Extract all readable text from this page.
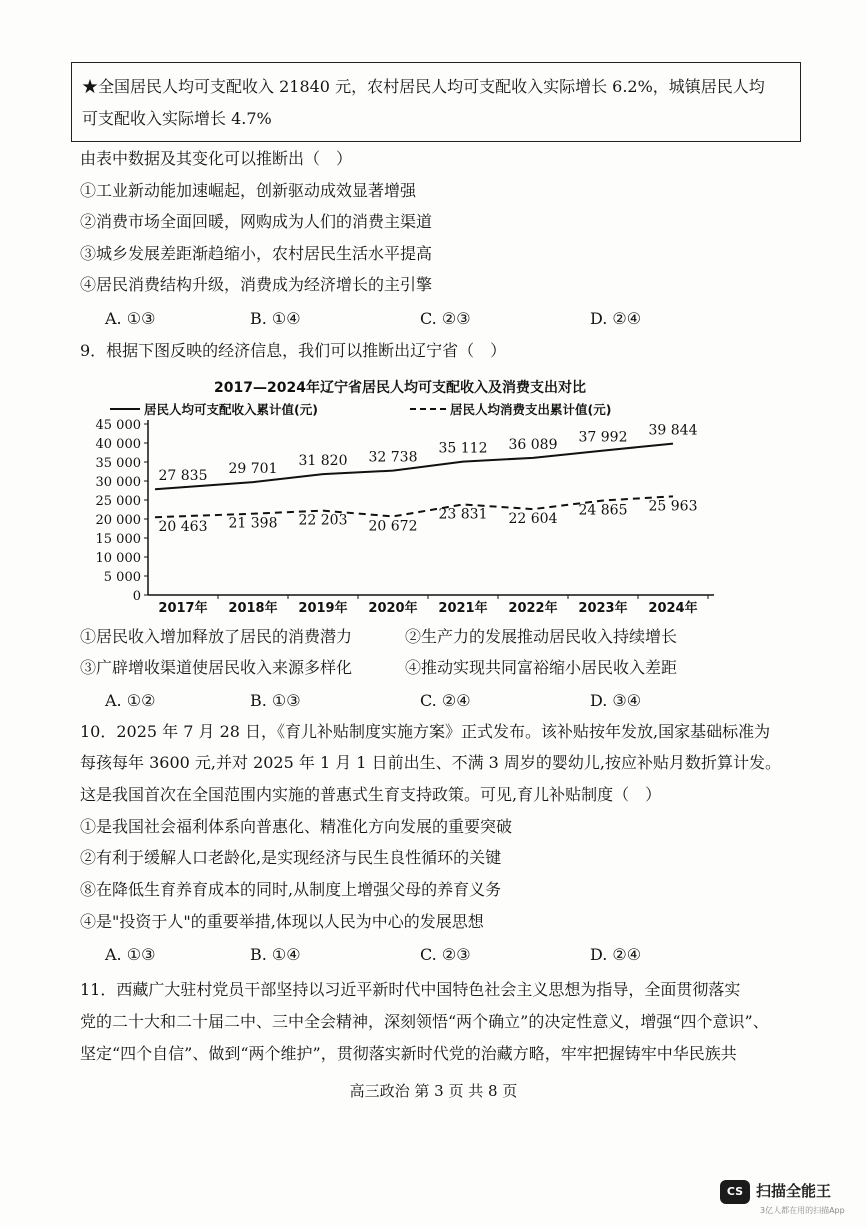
★全国居民人均可支配收入 21840 元，农村居民人均可支配收入实际增长 6.2%，城镇居民人均
可支配收入实际增长 4.7%
由表中数据及其变化可以推断出（　）
①工业新动能加速崛起，创新驱动成效显著增强
②消费市场全面回暖，网购成为人们的消费主渠道
③城乡发展差距渐趋缩小，农村居民生活水平提高
④居民消费结构升级，消费成为经济增长的主引擎
A. ①③	B. ①④	C. ②③	D. ②④
9．根据下图反映的经济信息，我们可以推断出辽宁省（　）
2017—2024年辽宁省居民人均可支配收入及消费支出对比
居民人均可支配收入累计值(元)	居民人均消费支出累计值(元)
0
5 000
10 000
15 000
20 000
25 000
30 000
35 000
40 000
45 000
2017年 2018年 2019年 2020年 2021年 2022年 2023年 2024年
27 835 29 701
31 820 32 738
35 112 36 089 37 992 39 844
20 463 21 398 22 203 20 672
23 831 22 604
24 865 25 963
①居民收入增加释放了居民的消费潜力	②生产力的发展推动居民收入持续增长
③广辟增收渠道使居民收入来源多样化	④推动实现共同富裕缩小居民收入差距
A. ①②	B. ①③	C. ②④	D. ③④
10．2025 年 7 月 28 日，《育儿补贴制度实施方案》正式发布。该补贴按年发放,国家基础标准为
每孩每年 3600 元,并对 2025 年 1 月 1 日前出生、不满 3 周岁的婴幼儿,按应补贴月数折算计发。
这是我国首次在全国范围内实施的普惠式生育支持政策。可见,育儿补贴制度（　）
①是我国社会福利体系向普惠化、精准化方向发展的重要突破
②有利于缓解人口老龄化,是实现经济与民生良性循环的关键
⑧在降低生育养育成本的同时,从制度上增强父母的养育义务
④是"投资于人"的重要举措,体现以人民为中心的发展思想
A. ①③	B. ①④	C. ②③	D. ②④
11．西藏广大驻村党员干部坚持以习近平新时代中国特色社会主义思想为指导，全面贯彻落实
党的二十大和二十届二中、三中全会精神，深刻领悟“两个确立”的决定性意义，增强“四个意识”、
坚定“四个自信”、做到“两个维护”，贯彻落实新时代党的治藏方略，牢牢把握铸牢中华民族共
高三政治 第 3 页 共 8 页
CS 扫描全能王
3亿人都在用的扫描App
